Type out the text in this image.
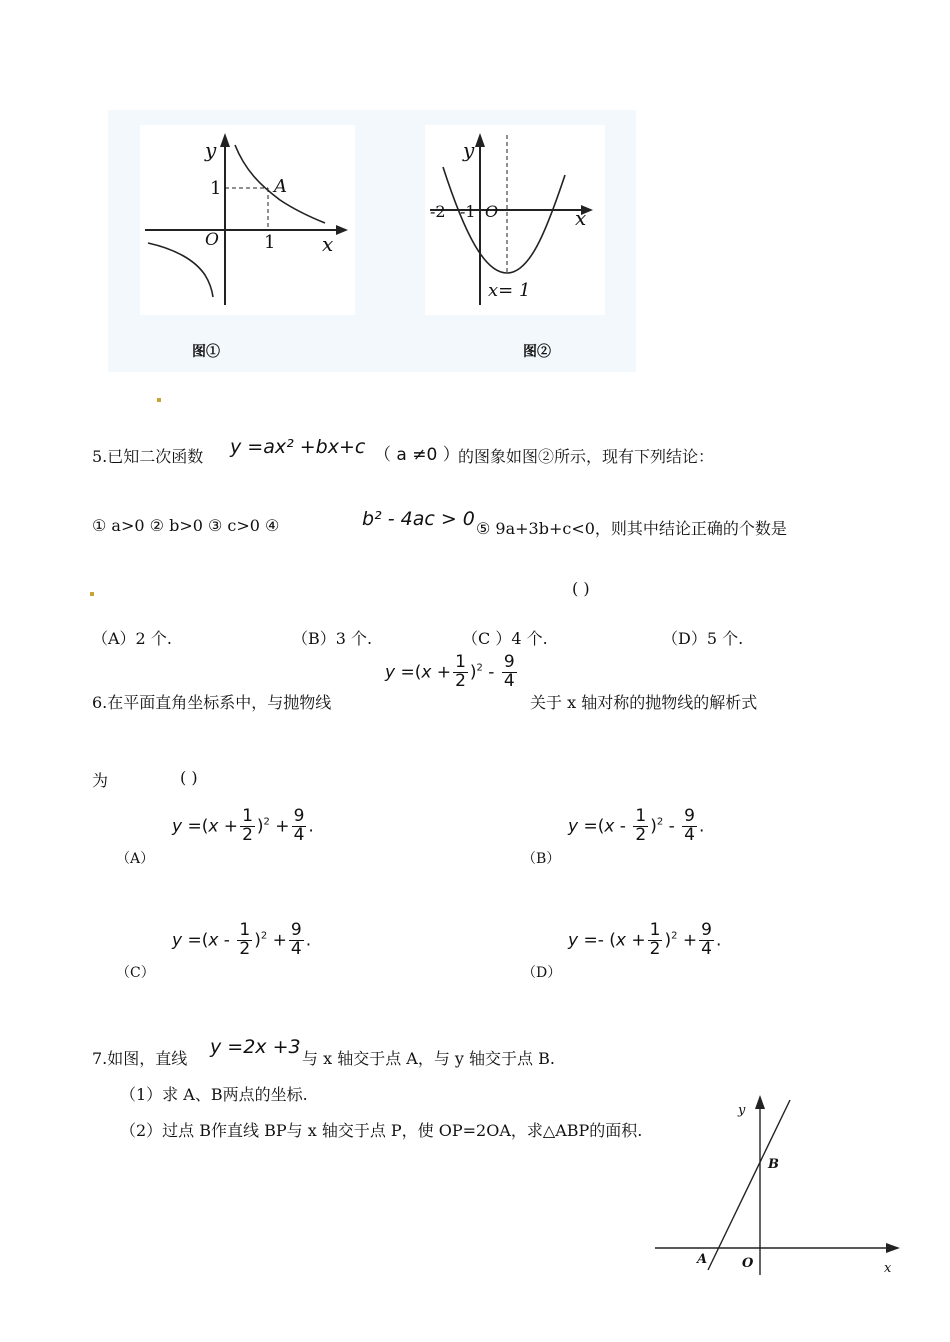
y
1	A
O	1 x
y
-2 -1 O	x
x= 1
图①	图②
5.已知二次函数 y =ax² +bx+c （ a ≠0 ）
的图象如图②所示，现有下列结论：
① a>0 ② b>0 ③ c>0 ④	b² - 4ac > 0 ⑤ 9a+3b+c<0，则其中结论正确的个数是
( )
（A）2 个.	（B）3 个.	（C ）4 个.	（D）5 个.
6.在平面直角坐标系中，与抛物线
$y =(x + \frac{1}{2} )^2 - \frac{9}{4}$
关于 x 轴对称的抛物线的解析式
为	( )
（A）
$y =(x + \frac{1}{2} )^2 + \frac{9}{4}$ .
（B）
$y =(x - \frac{1}{2} )^2 - \frac{9}{4}$ .
（C）
$y =(x - \frac{1}{2} )^2 + \frac{9}{4}$ .
（D）
$y =- (x + \frac{1}{2} )^2 + \frac{9}{4}$ .
7.如图，直线
y =2x +3
与 x 轴交于点 A，与 y 轴交于点 B.
（1）求 A、B两点的坐标.
（2）过点 B作直线 BP与 x 轴交于点 P，使 OP=2OA，求△ABP的面积.
y
B
A	O	x
